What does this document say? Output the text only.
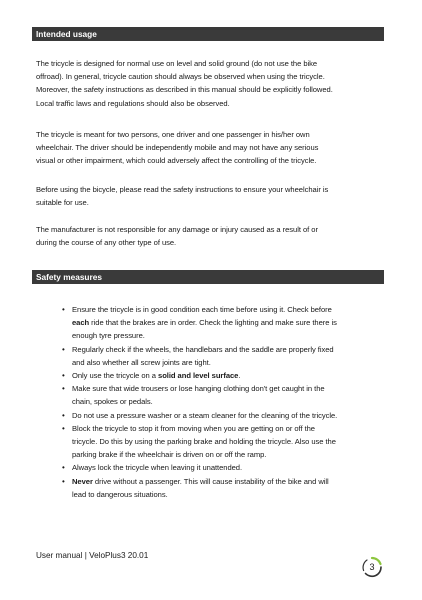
Intended usage

The tricycle is designed for normal use on level and solid ground (do not use the bike
offroad). In general, tricycle caution should always be observed when using the tricycle.
Moreover, the safety instructions as described in this manual should be explicitly followed.
Local traffic laws and regulations should also be observed.

The tricycle is meant for two persons, one driver and one passenger in his/her own
wheelchair. The driver should be independently mobile and may not have any serious
visual or other impairment, which could adversely affect the controlling of the tricycle.

Before using the bicycle, please read the safety instructions to ensure your wheelchair is
suitable for use.

The manufacturer is not responsible for any damage or injury caused as a result of or
during the course of any other type of use.

Safety measures
• Ensure the tricycle is in good condition each time before using it. Check before
each ride that the brakes are in order. Check the lighting and make sure there is
enough tyre pressure.
• Regularly check if the wheels, the handlebars and the saddle are properly fixed
and also whether all screw joints are tight.
• Only use the tricycle on a solid and level surface.
• Make sure that wide trousers or lose hanging clothing don't get caught in the
chain, spokes or pedals.
• Do not use a pressure washer or a steam cleaner for the cleaning of the tricycle.
• Block the tricycle to stop it from moving when you are getting on or off the
tricycle. Do this by using the parking brake and holding the tricycle. Also use the
parking brake if the wheelchair is driven on or off the ramp.
• Always lock the tricycle when leaving it unattended.
• Never drive without a passenger. This will cause instability of the bike and will
lead to dangerous situations.
User manual | VeloPlus3 20.01
3
